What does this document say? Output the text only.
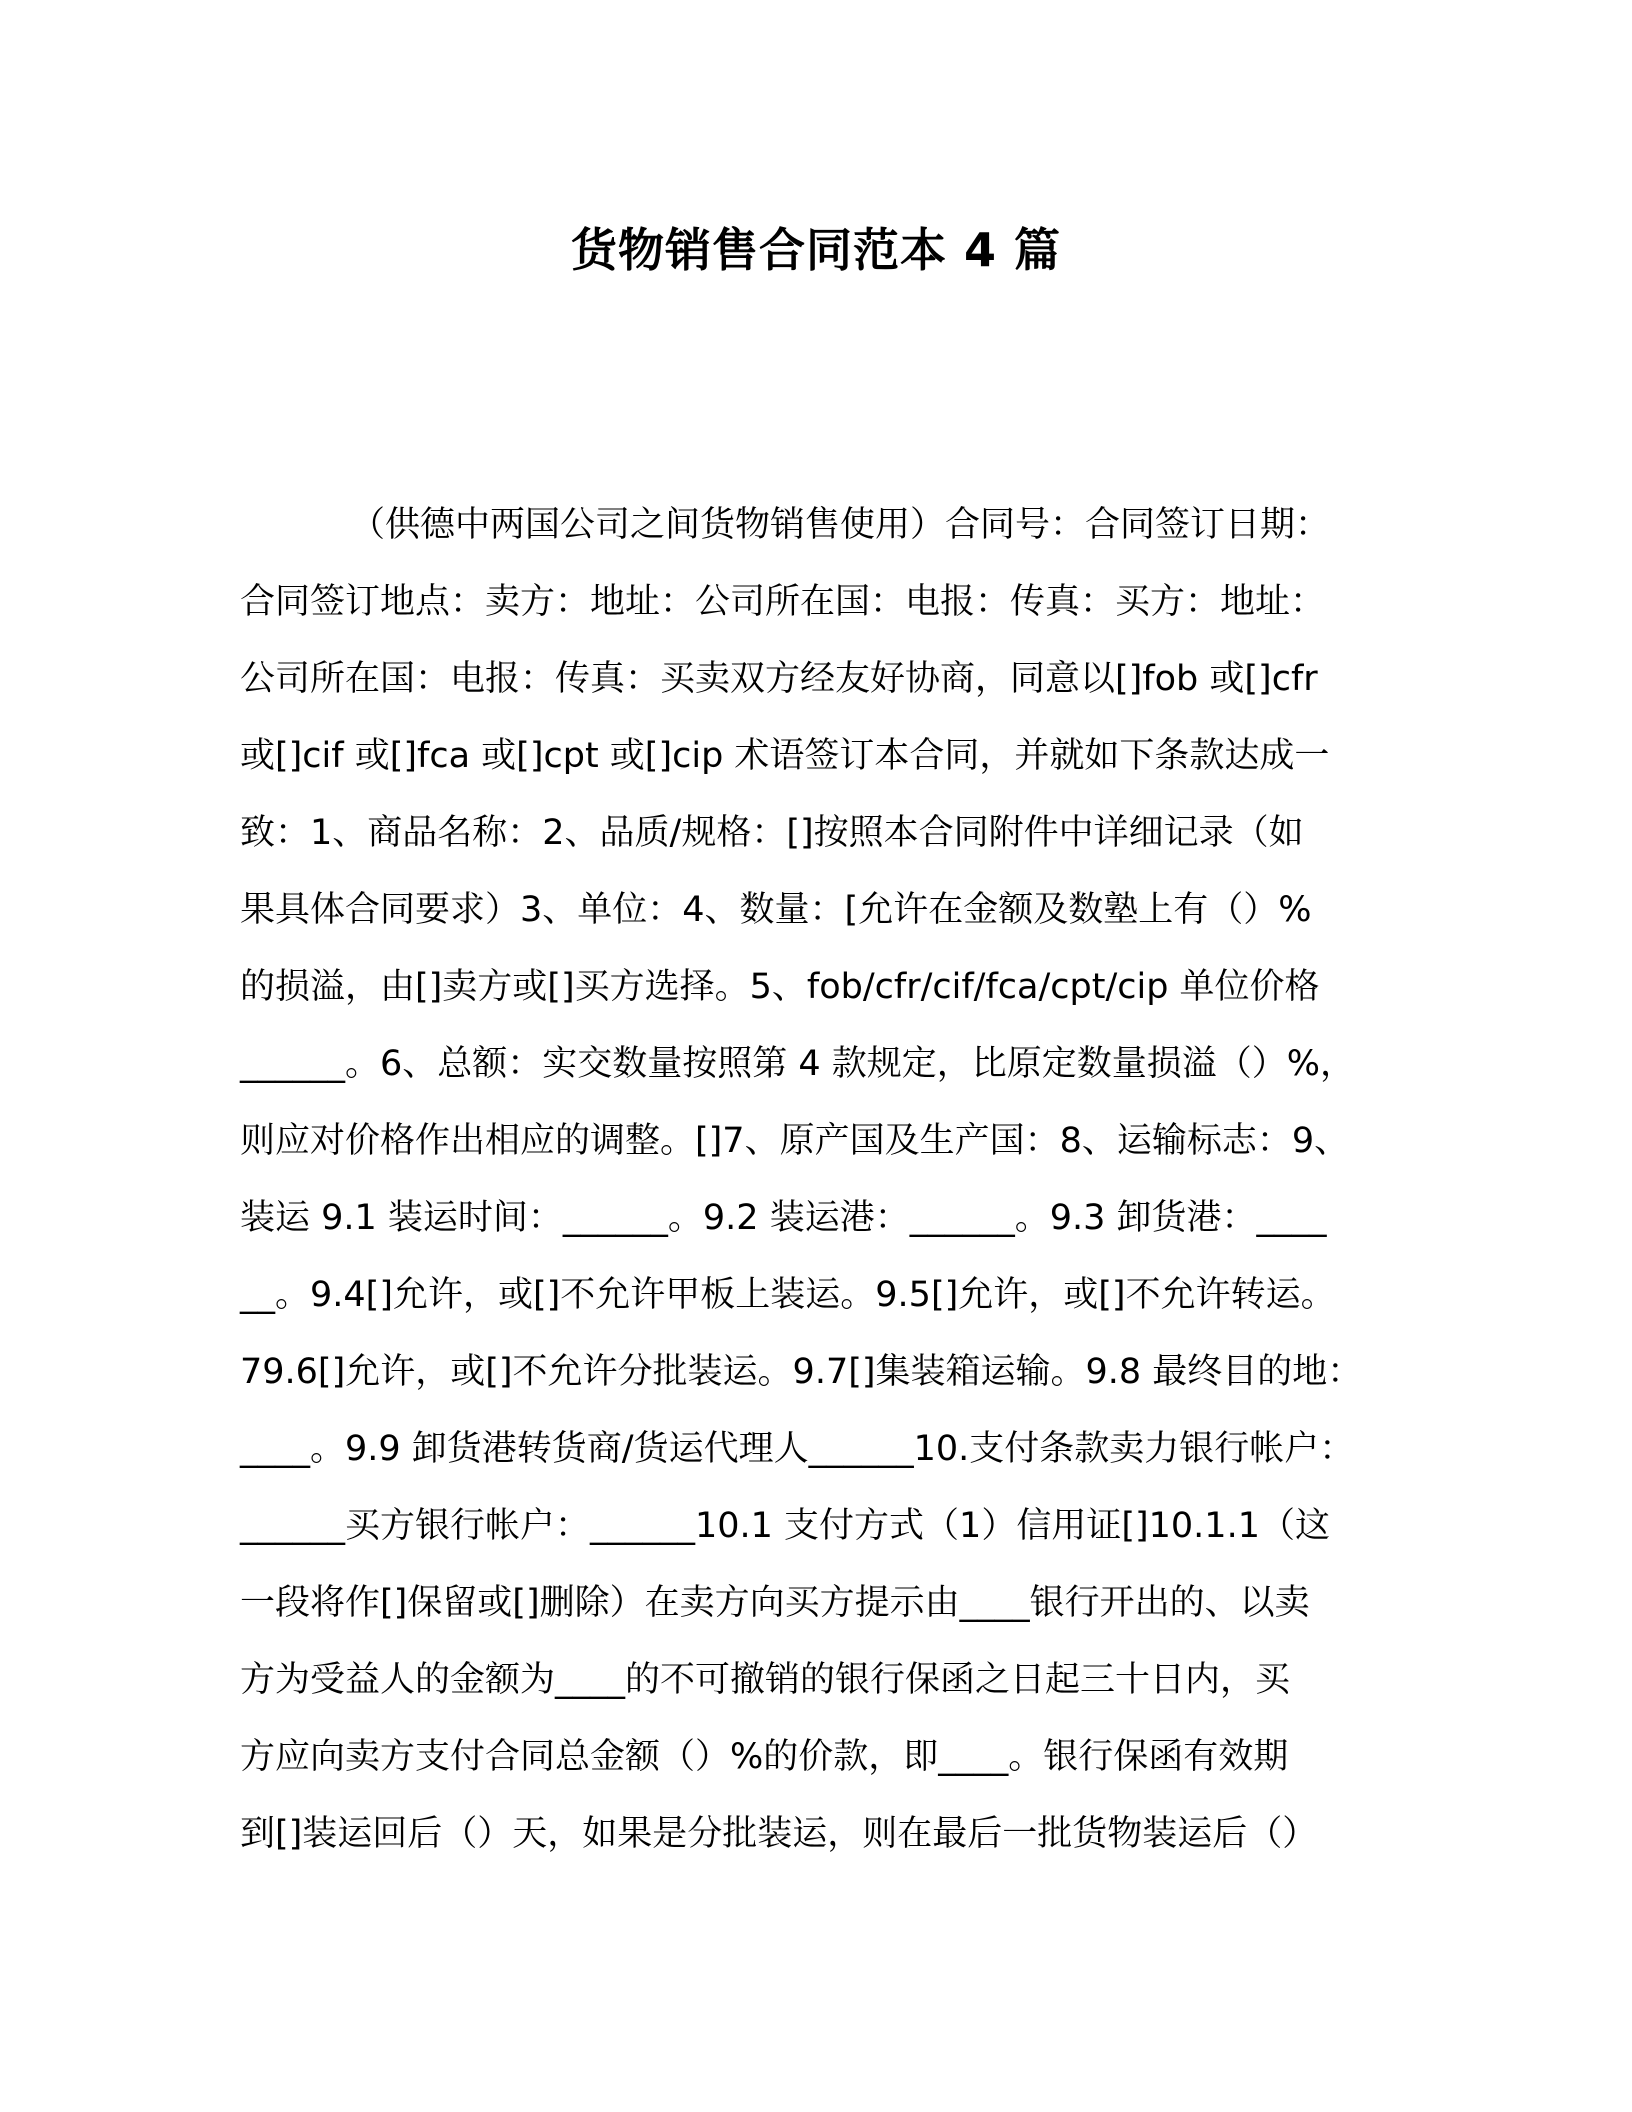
货物销售合同范本 4 篇
（供德中两国公司之间货物销售使用）合同号：合同签订日期：
合同签订地点：卖方：地址：公司所在国：电报：传真：买方：地址：
公司所在国：电报：传真：买卖双方经友好协商，同意以[]fob 或[]cfr
或[]cif 或[]fca 或[]cpt 或[]cip 术语签订本合同，并就如下条款达成一
致：1、商品名称：2、品质/规格：[]按照本合同附件中详细记录（如
果具体合同要求）3、单位：4、数量：[允许在金额及数塾上有（）%
的损溢，由[]卖方或[]买方选择。5、fob/cfr/cif/fca/cpt/cip 单位价格
______。6、总额：实交数量按照第 4 款规定，比原定数量损溢（）%，
则应对价格作出相应的调整。[]7、原产国及生产国：8、运输标志：9、
装运 9.1 装运时间：______。9.2 装运港：______。9.3 卸货港：____
__。9.4[]允许，或[]不允许甲板上装运。9.5[]允许，或[]不允许转运。
79.6[]允许，或[]不允许分批装运。9.7[]集装箱运输。9.8 最终目的地：
____。9.9 卸货港转货商/货运代理人______10.支付条款卖力银行帐户：
______买方银行帐户：______10.1 支付方式（1）信用证[]10.1.1（这
一段将作[]保留或[]删除）在卖方向买方提示由____银行开出的、以卖
方为受益人的金额为____的不可撤销的银行保函之日起三十日内，买
方应向卖方支付合同总金额（）%的价款，即____。银行保函有效期
到[]装运回后（）天，如果是分批装运，则在最后一批货物装运后（）
